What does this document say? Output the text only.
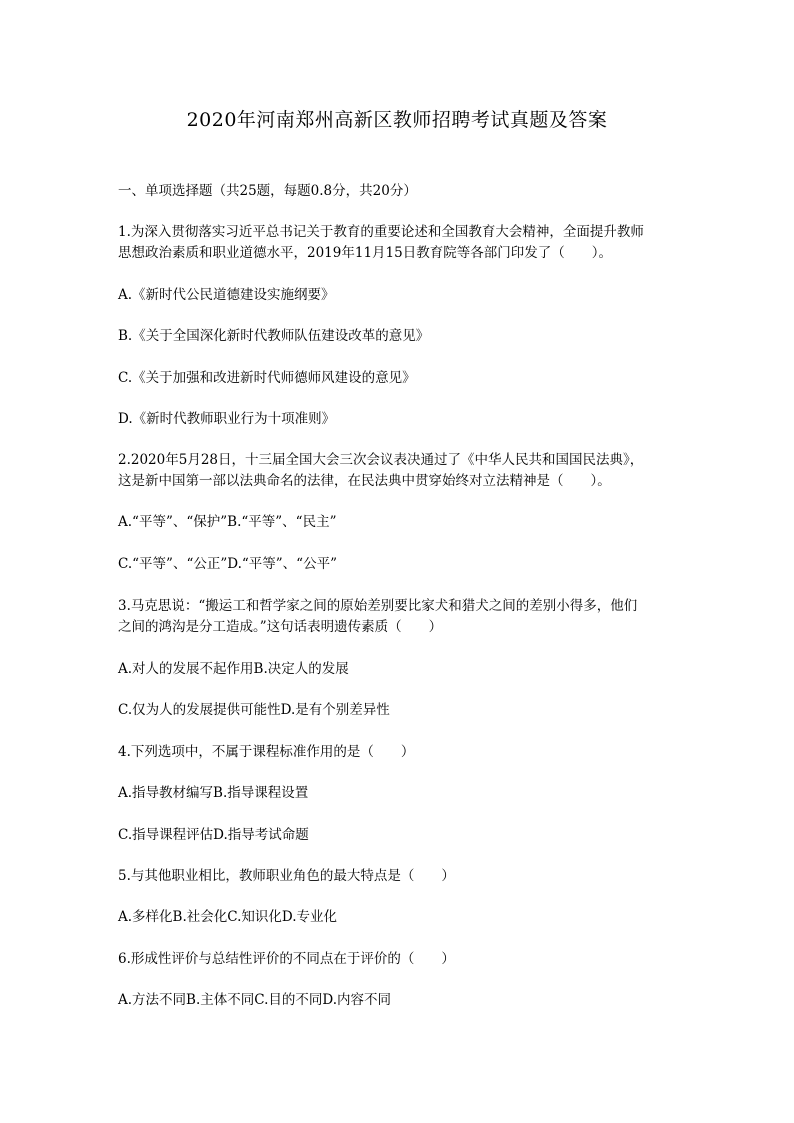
2020年河南郑州高新区教师招聘考试真题及答案
一、单项选择题（共25题，每题0.8分，共20分）
1.为深入贯彻落实习近平总书记关于教育的重要论述和全国教育大会精神，全面提升教师
思想政治素质和职业道德水平，2019年11月15日教育院等各部门印发了（　　）。
A.《新时代公民道德建设实施纲要》
B.《关于全国深化新时代教师队伍建设改革的意见》
C.《关于加强和改进新时代师德师风建设的意见》
D.《新时代教师职业行为十项准则》
2.2020年5月28日，十三届全国大会三次会议表决通过了《中华人民共和国国民法典》，
这是新中国第一部以法典命名的法律，在民法典中贯穿始终对立法精神是（　　）。
A.“平等”、“保护”B.“平等”、“民主”
C.“平等”、“公正”D.“平等”、“公平”
3.马克思说：“搬运工和哲学家之间的原始差别要比家犬和猎犬之间的差别小得多，他们
之间的鸿沟是分工造成。”这句话表明遗传素质（　　）
A.对人的发展不起作用B.决定人的发展
C.仅为人的发展提供可能性D.是有个别差异性
4.下列选项中，不属于课程标准作用的是（　　）
A.指导教材编写B.指导课程设置
C.指导课程评估D.指导考试命题
5.与其他职业相比，教师职业角色的最大特点是（　　）
A.多样化B.社会化C.知识化D.专业化
6.形成性评价与总结性评价的不同点在于评价的（　　）
A.方法不同B.主体不同C.目的不同D.内容不同
